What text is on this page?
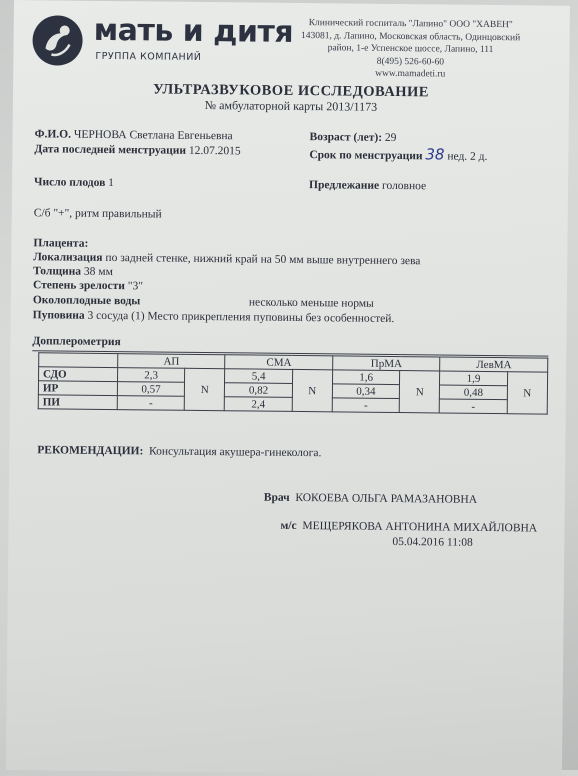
мать и дитя
ГРУППА КОМПАНИЙ
Клинический госпиталь "Лапино" ООО "ХАВЕН"
143081, д. Лапино, Московская область, Одинцовский
район, 1-е Успенское шоссе, Лапино, 111
8(495) 526-60-60
www.mamadeti.ru
УЛЬТРАЗВУКОВОЕ ИССЛЕДОВАНИЕ
№ амбулаторной карты 2013/1173
Ф.И.О. ЧЕРНОВА Светлана Евгеньевна	Возраст (лет): 29
Дата последней менструации 12.07.2015	Срок по менструации 38 нед. 2 д.
Число плодов 1	Предлежание головное
С/б "+", ритм правильный
Плацента:
Локализация по задней стенке, нижний край на 50 мм выше внутреннего зева
Толщина 38 мм
Степень зрелости "3"
Околоплодные воды	несколько меньше нормы
Пуповина 3 сосуда (1) Место прикрепления пуповины без особенностей.
Допплерометрия
	АП		СМА		ПрМА		ЛевМА	
СДО	2,3	N	5,4	N	1,6	N	1,9	N
ИР	0,57		0,82		0,34		0,48	
ПИ	-		2,4		-		-	
РЕКОМЕНДАЦИИ: Консультация акушера-гинеколога.
Врач КОКОЕВА ОЛЬГА РАМАЗАНОВНА
м/с МЕЩЕРЯКОВА АНТОНИНА МИХАЙЛОВНА
05.04.2016 11:08
